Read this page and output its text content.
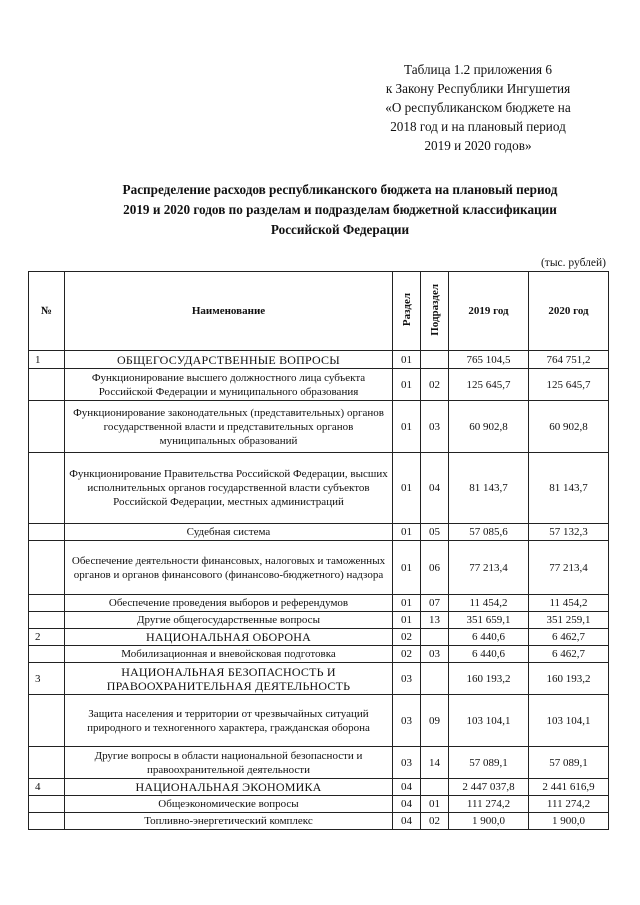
Таблица 1.2 приложения 6
к Закону Республики Ингушетия
«О республиканском бюджете на
2018 год и на плановый период
2019 и 2020 годов»
Распределение расходов республиканского бюджета на плановый период
2019 и 2020 годов по разделам и подразделам бюджетной классификации
Российской Федерации
(тыс. рублей)
№	Наименование	Раздел	Подраздел	2019 год	2020 год
1	ОБЩЕГОСУДАРСТВЕННЫЕ ВОПРОСЫ	01		765 104,5	764 751,2
	Функционирование высшего должностного лица субъекта Российской Федерации и муниципального образования	01	02	125 645,7	125 645,7
	Функционирование законодательных (представительных) органов государственной власти и представительных органов муниципальных образований	01	03	60 902,8	60 902,8
	Функционирование Правительства Российской Федерации, высших исполнительных органов государственной власти субъектов Российской Федерации, местных администраций	01	04	81 143,7	81 143,7
	Судебная система	01	05	57 085,6	57 132,3
	Обеспечение деятельности финансовых, налоговых и таможенных органов и органов финансового (финансово-бюджетного) надзора	01	06	77 213,4	77 213,4
	Обеспечение проведения выборов и референдумов	01	07	11 454,2	11 454,2
	Другие общегосударственные вопросы	01	13	351 659,1	351 259,1
2	НАЦИОНАЛЬНАЯ ОБОРОНА	02		6 440,6	6 462,7
	Мобилизационная и вневойсковая подготовка	02	03	6 440,6	6 462,7
3	НАЦИОНАЛЬНАЯ БЕЗОПАСНОСТЬ И ПРАВООХРАНИТЕЛЬНАЯ ДЕЯТЕЛЬНОСТЬ	03		160 193,2	160 193,2
	Защита населения и территории от чрезвычайных ситуаций природного и техногенного характера, гражданская оборона	03	09	103 104,1	103 104,1
	Другие вопросы в области национальной безопасности и правоохранительной деятельности	03	14	57 089,1	57 089,1
4	НАЦИОНАЛЬНАЯ ЭКОНОМИКА	04		2 447 037,8	2 441 616,9
	Общеэкономические вопросы	04	01	111 274,2	111 274,2
	Топливно-энергетический комплекс	04	02	1 900,0	1 900,0
